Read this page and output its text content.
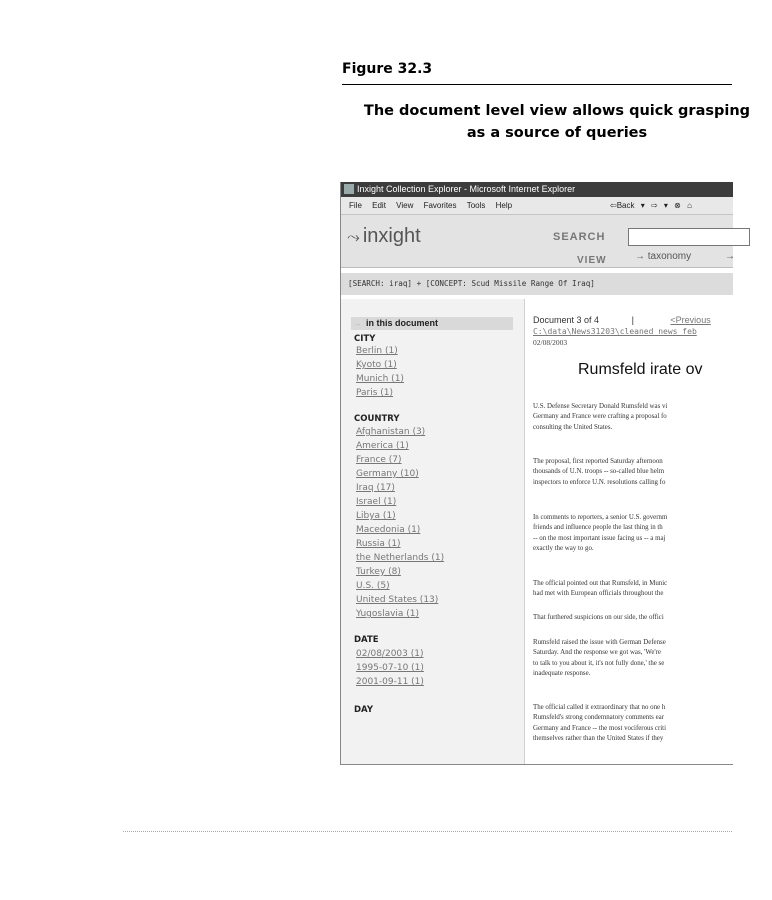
Figure 32.3
The document level view allows quick grasping
as a source of queries
Inxight Collection Explorer - Microsoft Internet Explorer
File Edit View Favorites Tools Help	⇦Back ▾ ⇨ ▾ ⊗ ⌂
⤳ inxight	SEARCH
VIEW	→ taxonomy	→
[SEARCH: iraq] + [CONCEPT: Scud Missile Range Of Iraq]
→ in this document
CITY
Berlin (1)
Kyoto (1)
Munich (1)
Paris (1)
COUNTRY
Afghanistan (3)
America (1)
France (7)
Germany (10)
Iraq (17)
Israel (1)
Libya (1)
Macedonia (1)
Russia (1)
the Netherlands (1)
Turkey (8)
U.S. (5)
United States (13)
Yugoslavia (1)
DATE
02/08/2003 (1)
1995-07-10 (1)
2001-09-11 (1)
DAY
Document 3 of 4	|	<Previous
C:\data\News31203\cleaned_news_feb
02/08/2003
Rumsfeld irate ov
U.S. Defense Secretary Donald Rumsfeld was vi
Germany and France were crafting a proposal fo
consulting the United States.
The proposal, first reported Saturday afternoon
thousands of U.N. troops -- so-called blue helm
inspectors to enforce U.N. resolutions calling fo
In comments to reporters, a senior U.S. governm
friends and influence people the last thing in th
-- on the most important issue facing us -- a maj
exactly the way to go.
The official pointed out that Rumsfeld, in Munic
had met with European officials throughout the
That furthered suspicions on our side, the offici
Rumsfeld raised the issue with German Defense
Saturday. And the response we got was, 'We're
to talk to you about it, it's not fully done,' the se
inadequate response.
The official called it extraordinary that no one h
Rumsfeld's strong condemnatory comments ear
Germany and France -- the most vociferous criti
themselves rather than the United States if they
